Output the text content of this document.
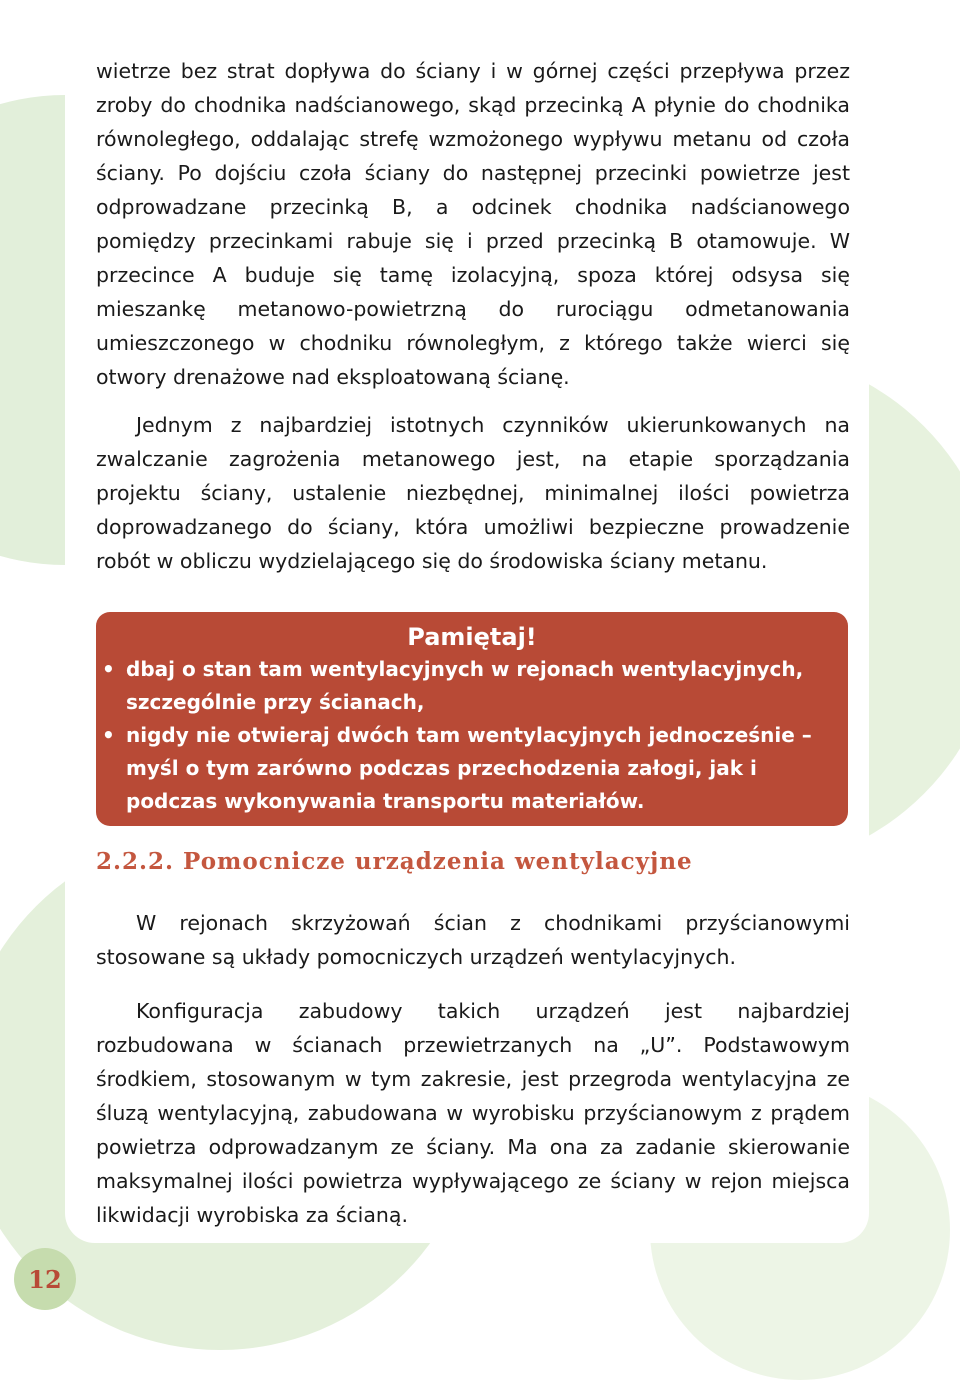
wietrze bez strat dopływa do ściany i w górnej części przepływa przez zroby do chodnika nadścianowego, skąd przecinką A płynie do chodnika równoległego, oddalając strefę wzmożonego wypływu metanu od czoła ściany. Po dojściu czoła ściany do następnej przecinki powietrze jest odprowadzane przecinką B, a odcinek chodnika nadścianowego pomiędzy przecinkami rabuje się i przed przecinką B otamowuje. W przecince A buduje się tamę izolacyjną, spoza której odsysa się mieszankę metanowo-powietrzną do rurociągu odmetanowania umieszczonego w chodniku równoległym, z którego także wierci się otwory drenażowe nad eksploatowaną ścianę.

Jednym z najbardziej istotnych czynników ukierunkowanych na zwalczanie zagrożenia metanowego jest, na etapie sporządzania projektu ściany, ustalenie niezbędnej, minimalnej ilości powietrza doprowadzanego do ściany, która umożliwi bezpieczne prowadzenie robót w obliczu wydzielającego się do środowiska ściany metanu.

Pamiętaj!
• dbaj o stan tam wentylacyjnych w rejonach wentylacyjnych, szczególnie przy ścianach,
• nigdy nie otwieraj dwóch tam wentylacyjnych jednocześnie – myśl o tym zarówno podczas przechodzenia załogi, jak i podczas wykonywania transportu materiałów.
2.2.2. Pomocnicze urządzenia wentylacyjne

W rejonach skrzyżowań ścian z chodnikami przyścianowymi stosowane są układy pomocniczych urządzeń wentylacyjnych.

Konfiguracja zabudowy takich urządzeń jest najbardziej rozbudowana w ścianach przewietrzanych na „U”. Podstawowym środkiem, stosowanym w tym zakresie, jest przegroda wentylacyjna ze śluzą wentylacyjną, zabudowana w wyrobisku przyścianowym z prądem powietrza odprowadzanym ze ściany. Ma ona za zadanie skierowanie maksymalnej ilości powietrza wypływającego ze ściany w rejon miejsca likwidacji wyrobiska za ścianą.

12
